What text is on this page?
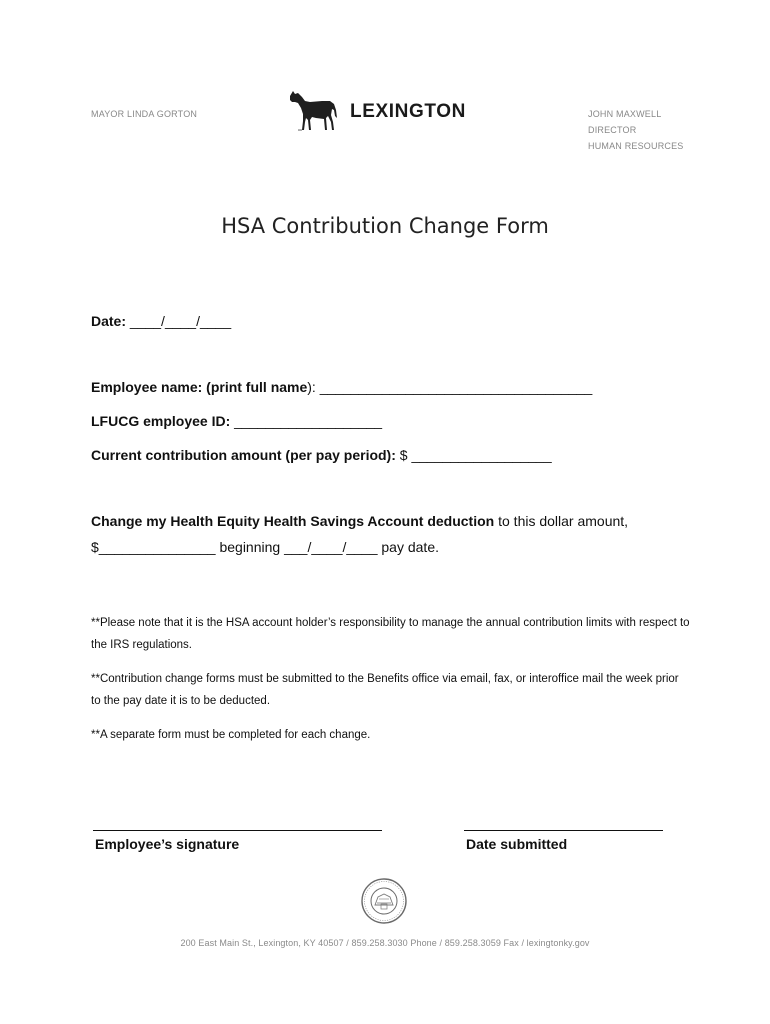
MAYOR LINDA GORTON	LEXINGTON	JOHN MAXWELL
DIRECTOR
HUMAN RESOURCES
HSA Contribution Change Form
Date: ____/____/____
Employee name: (print full name): ___________________________________
LFUCG employee ID: ___________________
Current contribution amount (per pay period): $ __________________
Change my Health Equity Health Savings Account deduction to this dollar amount,
$_______________ beginning ___/____/____ pay date.
**Please note that it is the HSA account holder’s responsibility to manage the annual contribution limits with respect to the IRS regulations.
**Contribution change forms must be submitted to the Benefits office via email, fax, or interoffice mail the week prior to the pay date it is to be deducted.
**A separate form must be completed for each change.
Employee’s signature	Date submitted
200 East Main St., Lexington, KY 40507 / 859.258.3030 Phone / 859.258.3059 Fax / lexingtonky.gov
